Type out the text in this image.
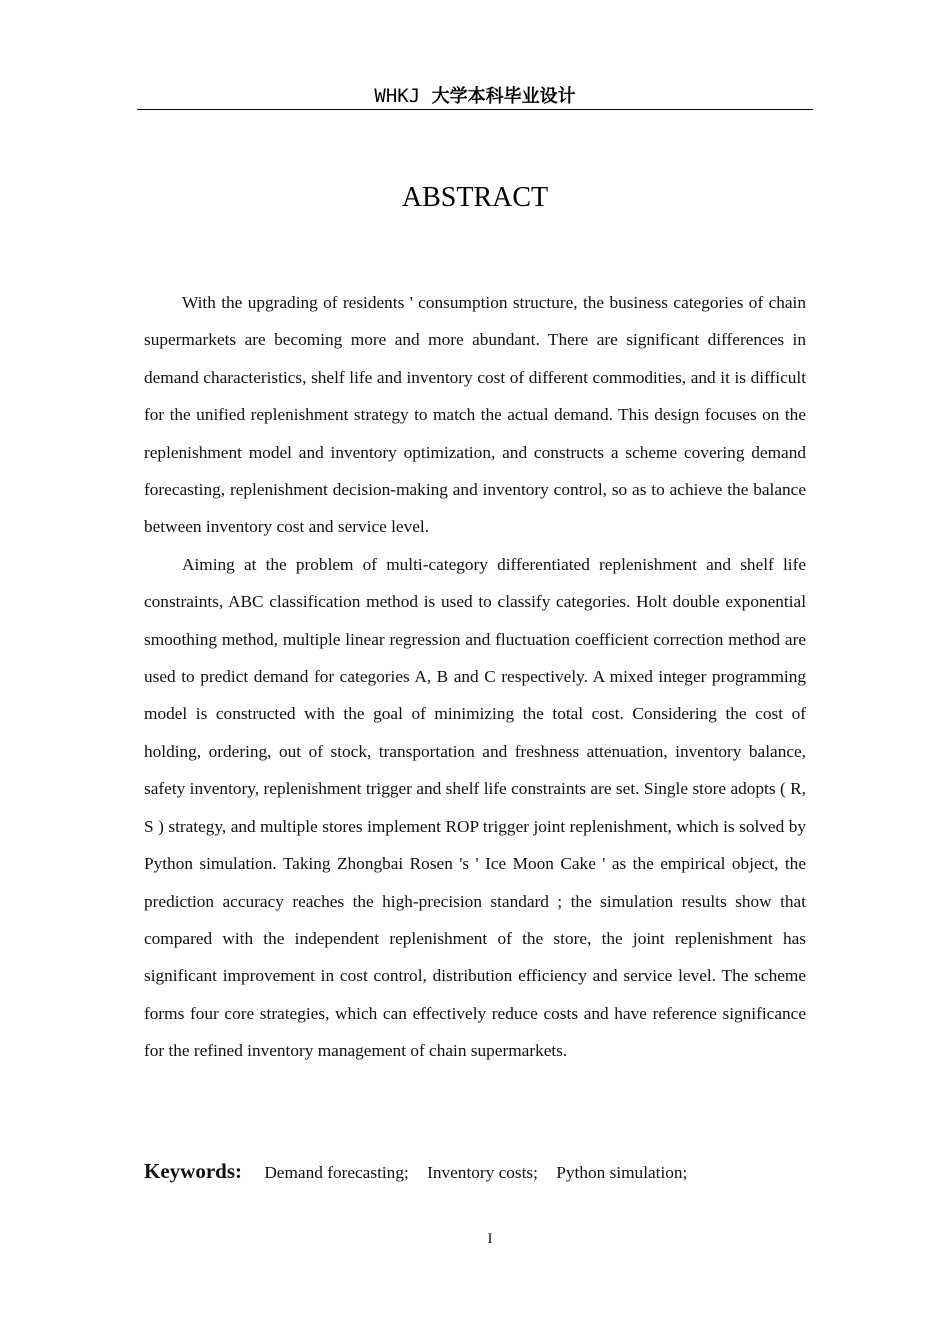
WHKJ 大学本科毕业设计
ABSTRACT

With the upgrading of residents ' consumption structure, the business categories of chain supermarkets are becoming more and more abundant. There are significant differences in demand characteristics, shelf life and inventory cost of different commodities, and it is difficult for the unified replenishment strategy to match the actual demand. This design focuses on the replenishment model and inventory optimization, and constructs a scheme covering demand forecasting, replenishment decision-making and inventory control, so as to achieve the balance between inventory cost and service level.

Aiming at the problem of multi-category differentiated replenishment and shelf life constraints, ABC classification method is used to classify categories. Holt double exponential smoothing method, multiple linear regression and fluctuation coefficient correction method are used to predict demand for categories A, B and C respectively. A mixed integer programming model is constructed with the goal of minimizing the total cost. Considering the cost of holding, ordering, out of stock, transportation and freshness attenuation, inventory balance, safety inventory, replenishment trigger and shelf life constraints are set. Single store adopts ( R, S ) strategy, and multiple stores implement ROP trigger joint replenishment, which is solved by Python simulation. Taking Zhongbai Rosen 's ' Ice Moon Cake ' as the empirical object, the prediction accuracy reaches the high-precision standard ; the simulation results show that compared with the independent replenishment of the store, the joint replenishment has significant improvement in cost control, distribution efficiency and service level. The scheme forms four core strategies, which can effectively reduce costs and have reference significance for the refined inventory management of chain supermarkets.

Keywords: Demand forecasting; Inventory costs; Python simulation;
I
